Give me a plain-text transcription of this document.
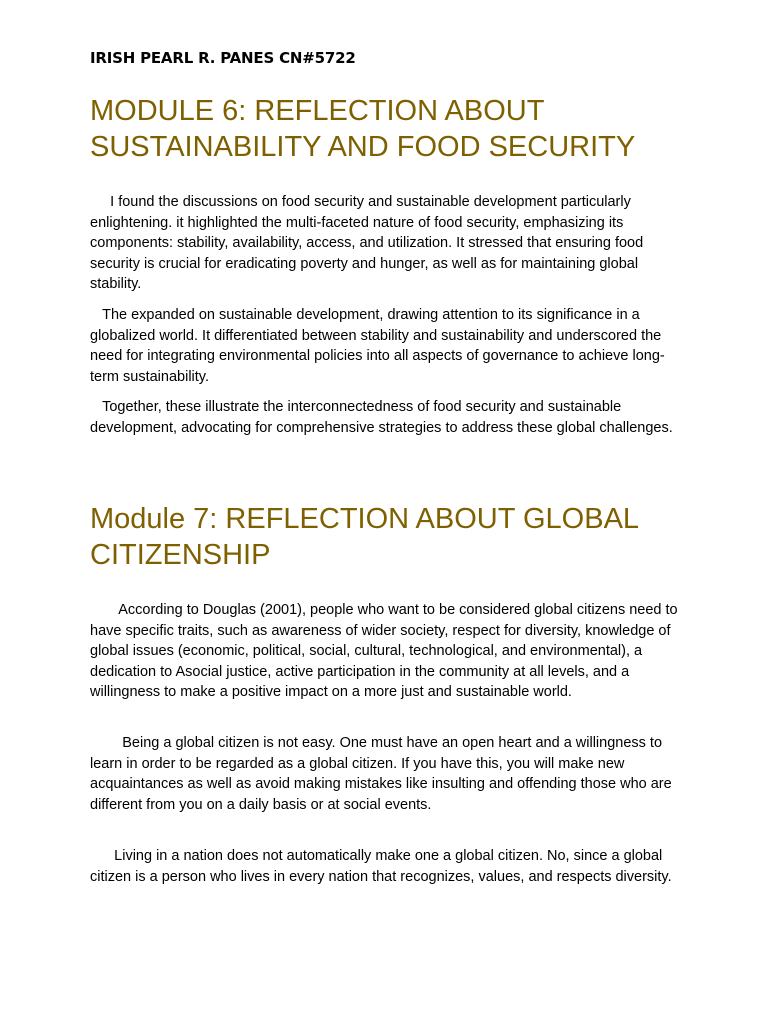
IRISH PEARL R. PANES CN#5722
MODULE 6: REFLECTION ABOUT SUSTAINABILITY AND FOOD SECURITY

I found the discussions on food security and sustainable development particularly enlightening. it highlighted the multi-faceted nature of food security, emphasizing its components: stability, availability, access, and utilization. It stressed that ensuring food security is crucial for eradicating poverty and hunger, as well as for maintaining global stability.

The expanded on sustainable development, drawing attention to its significance in a globalized world. It differentiated between stability and sustainability and underscored the need for integrating environmental policies into all aspects of governance to achieve long-term sustainability.

Together, these illustrate the interconnectedness of food security and sustainable development, advocating for comprehensive strategies to address these global challenges.

Module 7: REFLECTION ABOUT GLOBAL CITIZENSHIP

According to Douglas (2001), people who want to be considered global citizens need to have specific traits, such as awareness of wider society, respect for diversity, knowledge of global issues (economic, political, social, cultural, technological, and environmental), a dedication to Asocial justice, active participation in the community at all levels, and a willingness to make a positive impact on a more just and sustainable world.

Being a global citizen is not easy. One must have an open heart and a willingness to learn in order to be regarded as a global citizen. If you have this, you will make new acquaintances as well as avoid making mistakes like insulting and offending those who are different from you on a daily basis or at social events.

Living in a nation does not automatically make one a global citizen. No, since a global citizen is a person who lives in every nation that recognizes, values, and respects diversity.
